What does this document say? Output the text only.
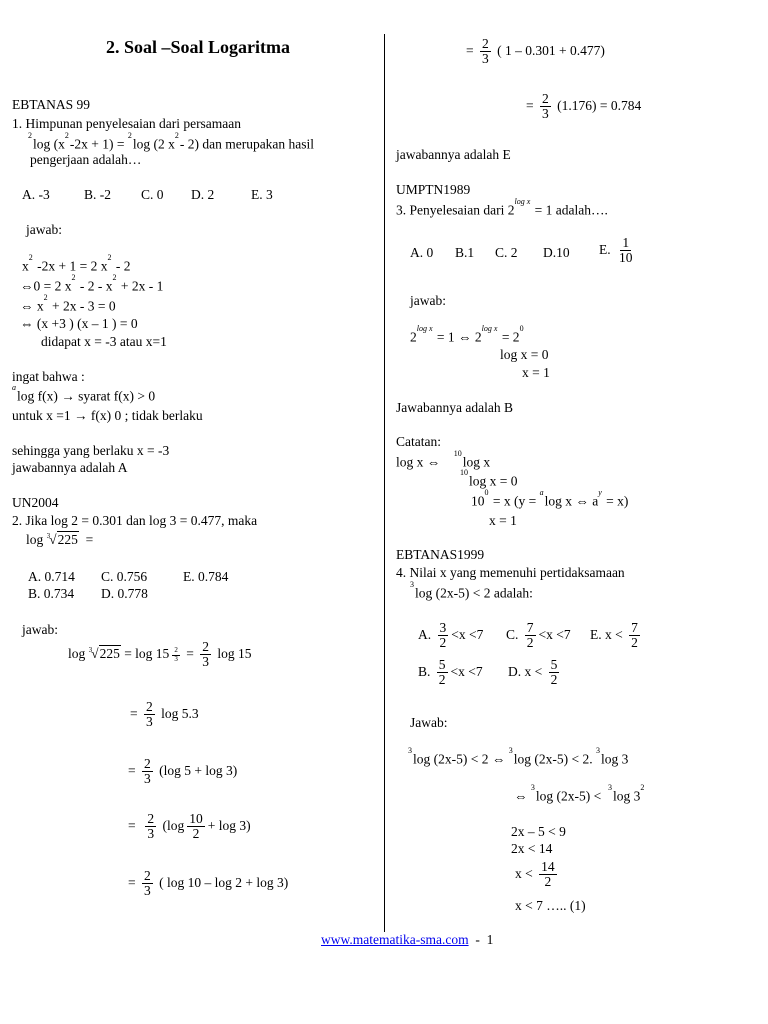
2. Soal –Soal Logaritma
EBTANAS 99
1. Himpunan penyelesaian dari persamaan
$^2$log $(x^2-2x + 1) = ^2\log$ (2 $x^2-$ 2) dan merupakan hasil
pengerjaan adalah…
A. -3	B. -2 C. 0 D. 2	E. 3
jawab:
$x^2$ -2x + 1 = 2 $x^2 - 2$
⇔0 = 2 $x^2 - 2 - x^2 + 2x - 1$
⇔ $x^2 + 2x - 3 = 0$
⇔ (x +3 ) (x – 1 ) = 0
didapat x = -3 atau x=1
ingat bahwa :
$^a$log f(x) → syarat f(x) > 0
untuk x =1 → f(x) 0 ; tidak berlaku
sehingga yang berlaku x = -3
jawabannya adalah A
UN2004
2. Jika log 2 = 0.301 dan log 3 = 0.477, maka
log $^3$√225 =
A. 0.714 C. 0.756	E. 0.784
B. 0.734 D. 0.778
jawab:
$\log ^3√225 = \log 15 \frac{2}{3} = \frac{2}{3}$ log 15
= $\frac{2}{3}$ log 5.3
= $\frac{2}{3} (\log$ 5 + log 3)
= $\frac{2}{3} (\log \frac{10}{2} + \log 3)$
= $\frac{2}{3}$ ( log 10 – log 2 + log 3)
= $\frac{2}{3}$ ( 1 – 0.301 + 0.477)
= $\frac{2}{3} (1.176) = 0.784$
jawabannya adalah E
UMPTN1989
3. Penyelesaian dari $2^{log x} = 1$ adalah….
A. 0 B.1 C. 2 D.10 E. $\frac{1}{10}$
jawab:
$2^{log x} = 1$ ⇔ $2^{log x} = 2^0$
log x = 0
x = 1
Jawabannya adalah B
Catatan:
log x ⇔    $^{10}$log x
$^{10}$log x = 0
$10^0 = x$ (y = $^a$log x ⇔ $a^y = x$)
x = 1
EBTANAS1999
4. Nilai x yang memenuhi pertidaksamaan
$^3$log (2x-5) < 2 adalah:
A. $\frac{3}{2} <x <7$ C. $\frac{7}{2} <x <7$ E. $x < \frac{7}{2}$
B. $\frac{5}{2} <x <7$ D. $x < \frac{5}{2}$
Jawab:
$^3$log (2x-5) < 2 ⇔ $^3$log (2x-5) < 2. $^3$log 3
⇔ $^3$log (2x-5) <  $^3$log $3^2$
2x – 5 < 9
2x < 14
$x < \frac{14}{2}$
x < 7 ….. (1)
www.matematika-sma.com - 1
